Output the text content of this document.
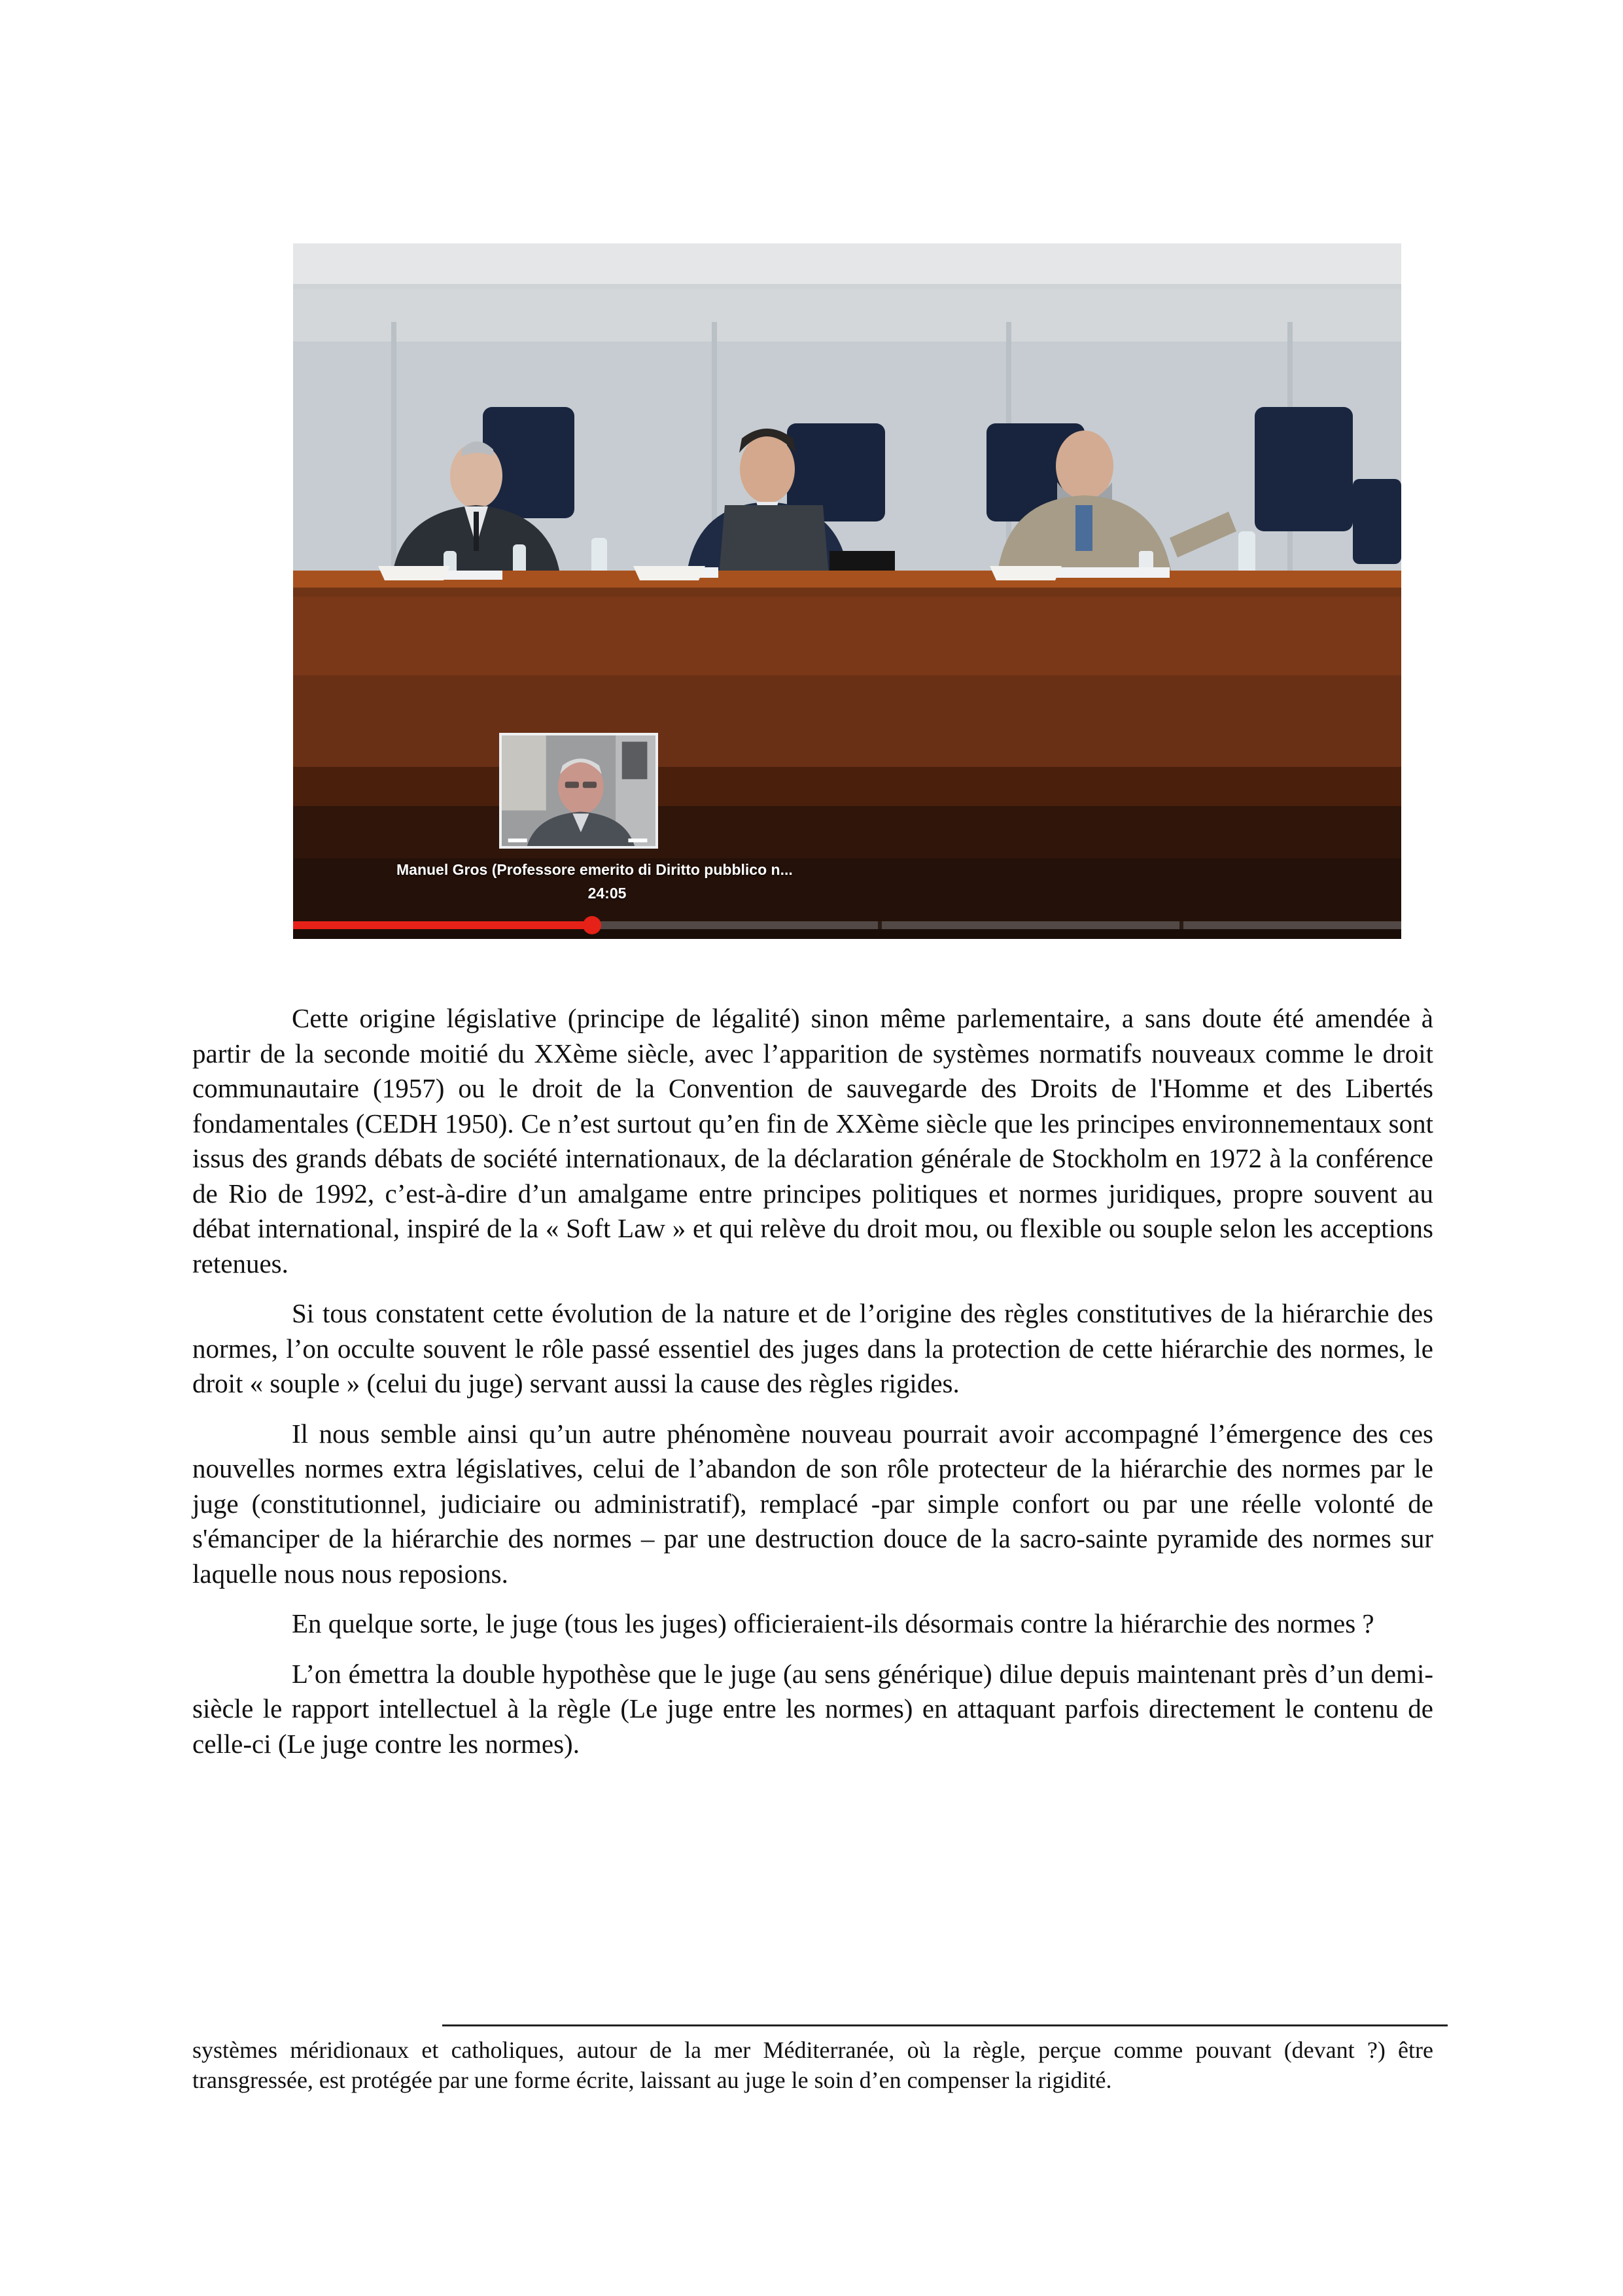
Manuel Gros (Professore emerito di Diritto pubblico n...
24:05

Cette origine législative (principe de légalité) sinon même parlementaire, a sans doute été amendée à partir de la seconde moitié du XXème siècle, avec l’apparition de systèmes normatifs nouveaux comme le droit communautaire (1957) ou le droit de la Convention de sauvegarde des Droits de l'Homme et des Libertés fondamentales (CEDH 1950). Ce n’est surtout qu’en fin de XXème siècle que les principes environnementaux sont issus des grands débats de société internationaux, de la déclaration générale de Stockholm en 1972 à la conférence de Rio de 1992, c’est-à-dire d’un amalgame entre principes politiques et normes juridiques, propre souvent au débat international, inspiré de la « Soft Law » et qui relève du droit mou, ou flexible ou souple selon les acceptions retenues.

Si tous constatent cette évolution de la nature et de l’origine des règles constitutives de la hiérarchie des normes, l’on occulte souvent le rôle passé essentiel des juges dans la protection de cette hiérarchie des normes, le droit « souple » (celui du juge) servant aussi la cause des règles rigides.

Il nous semble ainsi qu’un autre phénomène nouveau pourrait avoir accompagné l’émergence des ces nouvelles normes extra législatives, celui de l’abandon de son rôle protecteur de la hiérarchie des normes par le juge (constitutionnel, judiciaire ou administratif), remplacé -par simple confort ou par une réelle volonté de s'émanciper de la hiérarchie des normes – par une destruction douce de la sacro-sainte pyramide des normes sur laquelle nous nous reposions.

En quelque sorte, le juge (tous les juges) officieraient-ils désormais contre la hiérarchie des normes ?

L’on émettra la double hypothèse que le juge (au sens générique) dilue depuis maintenant près d’un demi-siècle le rapport intellectuel à la règle (Le juge entre les normes) en attaquant parfois directement le contenu de celle-ci (Le juge contre les normes).

systèmes méridionaux et catholiques, autour de la mer Méditerranée, où la règle, perçue comme pouvant (devant ?) être transgressée, est protégée par une forme écrite, laissant au juge le soin d’en compenser la rigidité.
